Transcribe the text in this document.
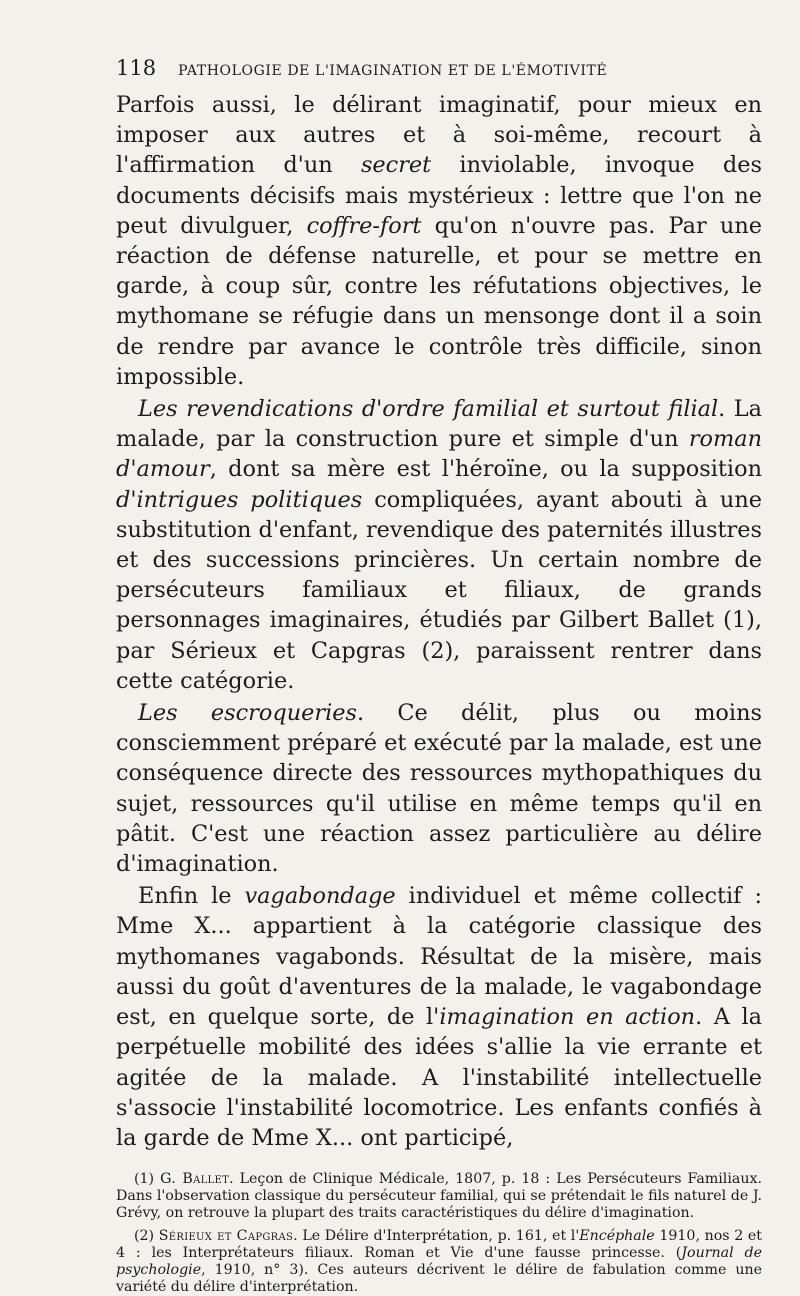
118 PATHOLOGIE DE L'IMAGINATION ET DE L'ÉMOTIVITÉ

Parfois aussi, le délirant imaginatif, pour mieux en imposer aux autres et à soi-même, recourt à l'affirmation d'un secret inviolable, invoque des documents décisifs mais mystérieux : lettre que l'on ne peut divulguer, coffre-fort qu'on n'ouvre pas. Par une réaction de défense naturelle, et pour se mettre en garde, à coup sûr, contre les réfutations objectives, le mythomane se réfugie dans un mensonge dont il a soin de rendre par avance le contrôle très difficile, sinon impossible.

Les revendications d'ordre familial et surtout filial. La malade, par la construction pure et simple d'un roman d'amour, dont sa mère est l'héroïne, ou la supposition d'intrigues politiques compliquées, ayant abouti à une substitution d'enfant, revendique des paternités illustres et des successions princières. Un certain nombre de persécuteurs familiaux et filiaux, de grands personnages imaginaires, étudiés par Gilbert Ballet (1), par Sérieux et Capgras (2), paraissent rentrer dans cette catégorie.

Les escroqueries. Ce délit, plus ou moins consciemment préparé et exécuté par la malade, est une conséquence directe des ressources mythopathiques du sujet, ressources qu'il utilise en même temps qu'il en pâtit. C'est une réaction assez particulière au délire d'imagination.

Enfin le vagabondage individuel et même collectif : Mme X... appartient à la catégorie classique des mythomanes vagabonds. Résultat de la misère, mais aussi du goût d'aventures de la malade, le vagabondage est, en quelque sorte, de l'imagination en action. A la perpétuelle mobilité des idées s'allie la vie errante et agitée de la malade. A l'instabilité intellectuelle s'associe l'instabilité locomotrice. Les enfants confiés à la garde de Mme X... ont participé,

(1) G. Ballet. Leçon de Clinique Médicale, 1807, p. 18 : Les Persécuteurs Familiaux. Dans l'observation classique du persécuteur familial, qui se prétendait le fils naturel de J. Grévy, on retrouve la plupart des traits caractéristiques du délire d'imagination.

(2) Sérieux et Capgras. Le Délire d'Interprétation, p. 161, et l'Encéphale 1910, nos 2 et 4 : les Interprétateurs filiaux. Roman et Vie d'une fausse princesse. (Journal de psychologie, 1910, n° 3). Ces auteurs décrivent le délire de fabulation comme une variété du délire d'interprétation.
